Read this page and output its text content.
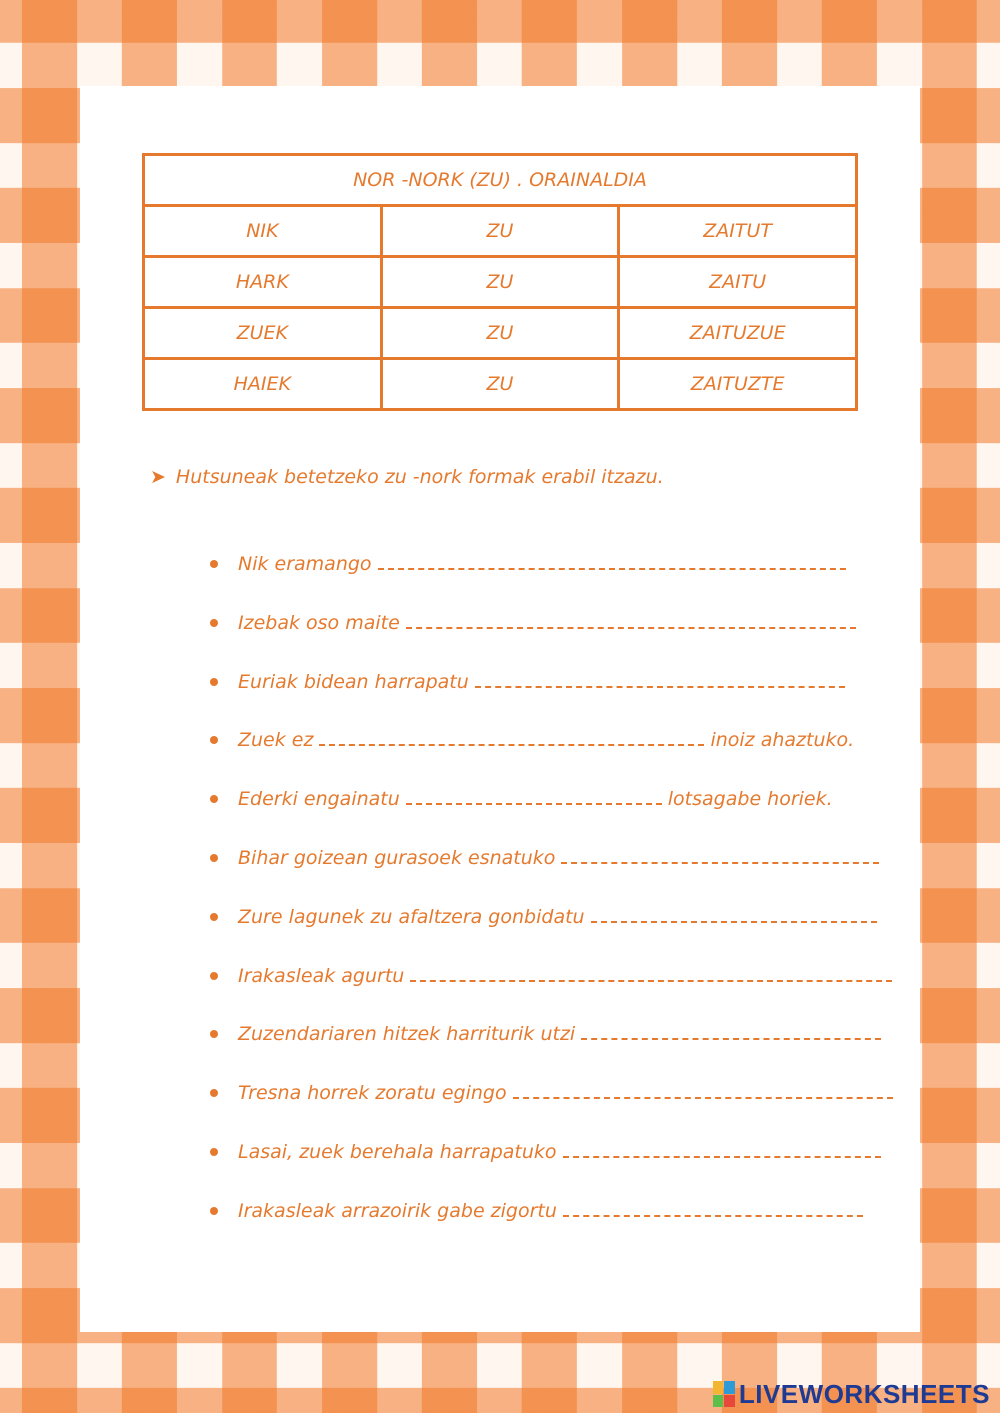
NOR -NORK (ZU) . ORAINALDIA		
NIK	ZU	ZAITUT
HARK	ZU	ZAITU
ZUEK	ZU	ZAITUZUE
HAIEK	ZU	ZAITUZTE
➤ Hutsuneak betetzeko zu -nork formak erabil itzazu.
Nik eramango
Izebak oso maite
Euriak bidean harrapatu
Zuek ez	inoiz ahaztuko.
Ederki engainatu	lotsagabe horiek.
Bihar goizean gurasoek esnatuko
Zure lagunek zu afaltzera gonbidatu
Irakasleak agurtu
Zuzendariaren hitzek harriturik utzi
Tresna horrek zoratu egingo
Lasai, zuek berehala harrapatuko
Irakasleak arrazoirik gabe zigortu
LIVEWORKSHEETS
